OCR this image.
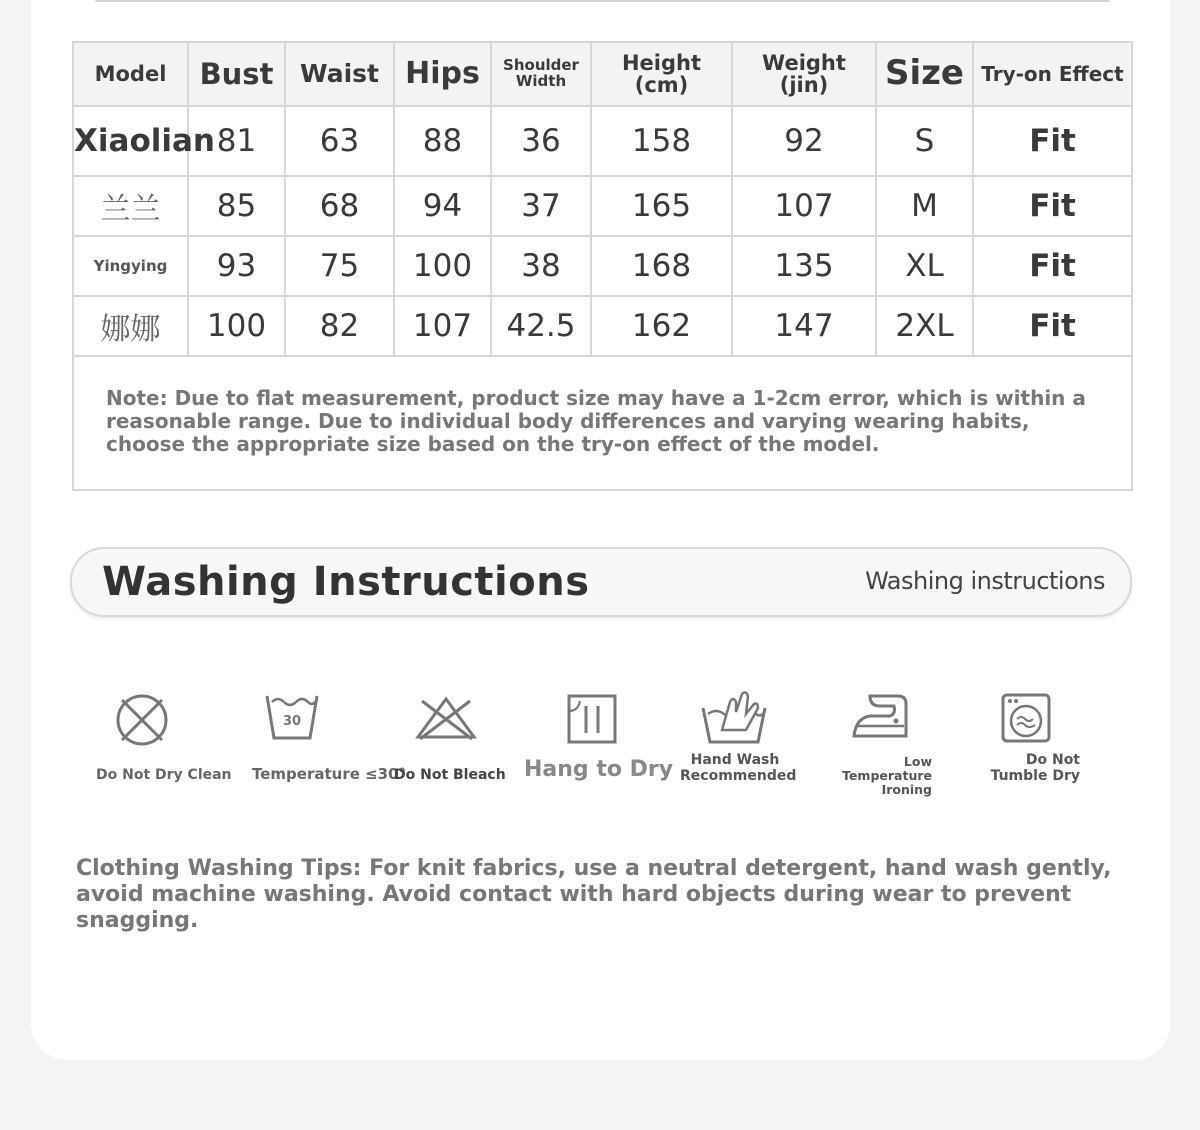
Model	Bust	Waist	Hips	Shoulder Width	Height (cm)	Weight (jin)	Size	Try-on Effect
Xiaolian	81	63	88	36	158	92	S	Fit
兰兰	85	68	94	37	165	107	M	Fit
Yingying	93	75	100	38	168	135	XL	Fit
娜娜	100	82	107	42.5	162	147	2XL	Fit
Note: Due to flat measurement, product size may have a 1-2cm error, which is within a reasonable range. Due to individual body differences and varying wearing habits, choose the appropriate size based on the try-on effect of the model.								
Washing Instructions	Washing instructions
Do Not Dry Clean
30
Temperature ≤30°
Do Not Bleach Hang to Dry	Hand Wash Recommended
Low Temperature Ironing
Do Not Tumble Dry
Clothing Washing Tips: For knit fabrics, use a neutral detergent, hand wash gently, avoid machine washing. Avoid contact with hard objects during wear to prevent snagging.
